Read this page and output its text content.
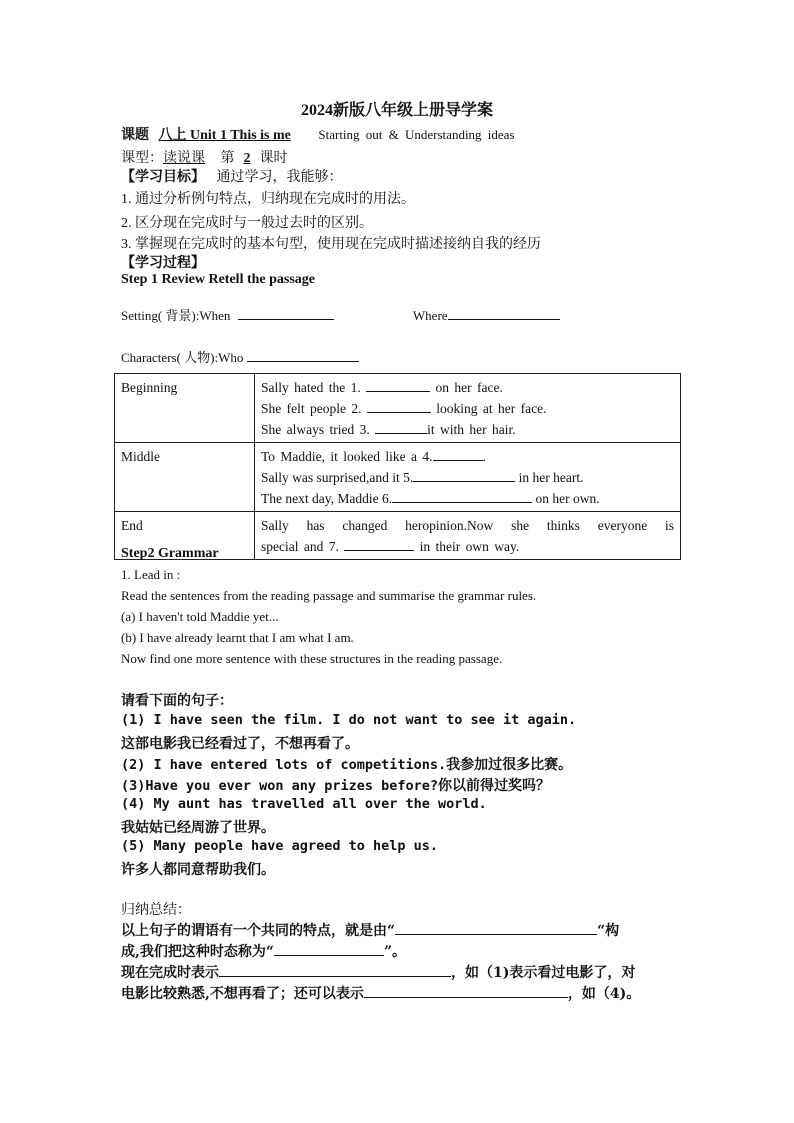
2024新版八年级上册导学案
课题 八上 Unit 1 This is me Starting out & Understanding ideas
课型：读说课 第 2 课时
【学习目标】 通过学习，我能够：
1. 通过分析例句特点，归纳现在完成时的用法。
2. 区分现在完成时与一般过去时的区别。
3. 掌握现在完成时的基本句型，使用现在完成时描述接纳自我的经历
【学习过程】
Step 1 Review Retell the passage
Setting( 背景):When	Where
Characters( 人物):Who
Beginning	Sally hated the 1. on her face.
She felt people 2. looking at her face.
She always tried 3. it with her hair.

Middle	To Maddie, it looked like a 4. .
Sally was surprised,and it 5. in her heart.
The next day, Maddie 6. on her own.

End	Sally has changed heropinion.Now she thinks everyone is
special and 7. in their own way.
Step2 Grammar
1. Lead in :
Read the sentences from the reading passage and summarise the grammar rules.
(a) I haven't told Maddie yet...
(b) I have already learnt that I am what I am.
Now find one more sentence with these structures in the reading passage.
请看下面的句子：
(1) I have seen the film. I do not want to see it again.
这部电影我已经看过了，不想再看了。
(2) I have entered lots of competitions.我参加过很多比赛。
(3)Have you ever won any prizes before?你以前得过奖吗？
(4) My aunt has travelled all over the world.
我姑姑已经周游了世界。
(5) Many people have agreed to help us.
许多人都同意帮助我们。
归纳总结：
以上句子的谓语有一个共同的特点，就是由“	“构
成,我们把这种时态称为“	”。
现在完成时表示	，如（1)表示看过电影了，对
电影比较熟悉,不想再看了；还可以表示	，如（4)。
